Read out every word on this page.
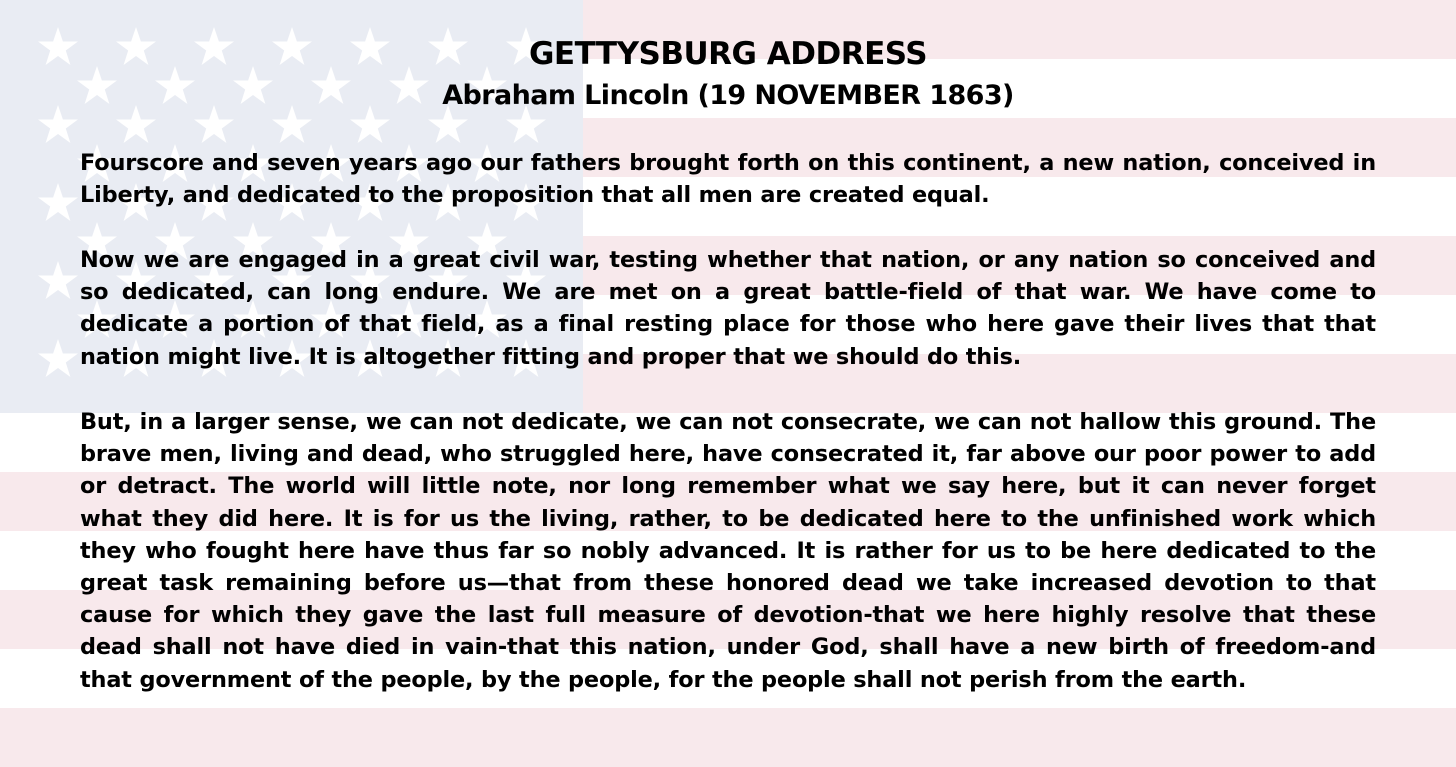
GETTYSBURG ADDRESS
Abraham Lincoln (19 NOVEMBER 1863)

Fourscore and seven years ago our fathers brought forth on this continent, a new nation, conceived in Liberty, and dedicated to the proposition that all men are created equal.

Now we are engaged in a great civil war, testing whether that nation, or any nation so conceived and so dedicated, can long endure. We are met on a great battle-field of that war. We have come to dedicate a portion of that field, as a final resting place for those who here gave their lives that that nation might live. It is altogether fitting and proper that we should do this.

But, in a larger sense, we can not dedicate, we can not consecrate, we can not hallow this ground. The brave men, living and dead, who struggled here, have consecrated it, far above our poor power to add or detract. The world will little note, nor long remember what we say here, but it can never forget what they did here. It is for us the living, rather, to be dedicated here to the unfinished work which they who fought here have thus far so nobly advanced. It is rather for us to be here dedicated to the great task remaining before us—that from these honored dead we take increased devotion to that cause for which they gave the last full measure of devotion-that we here highly resolve that these dead shall not have died in vain-that this nation, under God, shall have a new birth of freedom-and that government of the people, by the people, for the people shall not perish from the earth.
